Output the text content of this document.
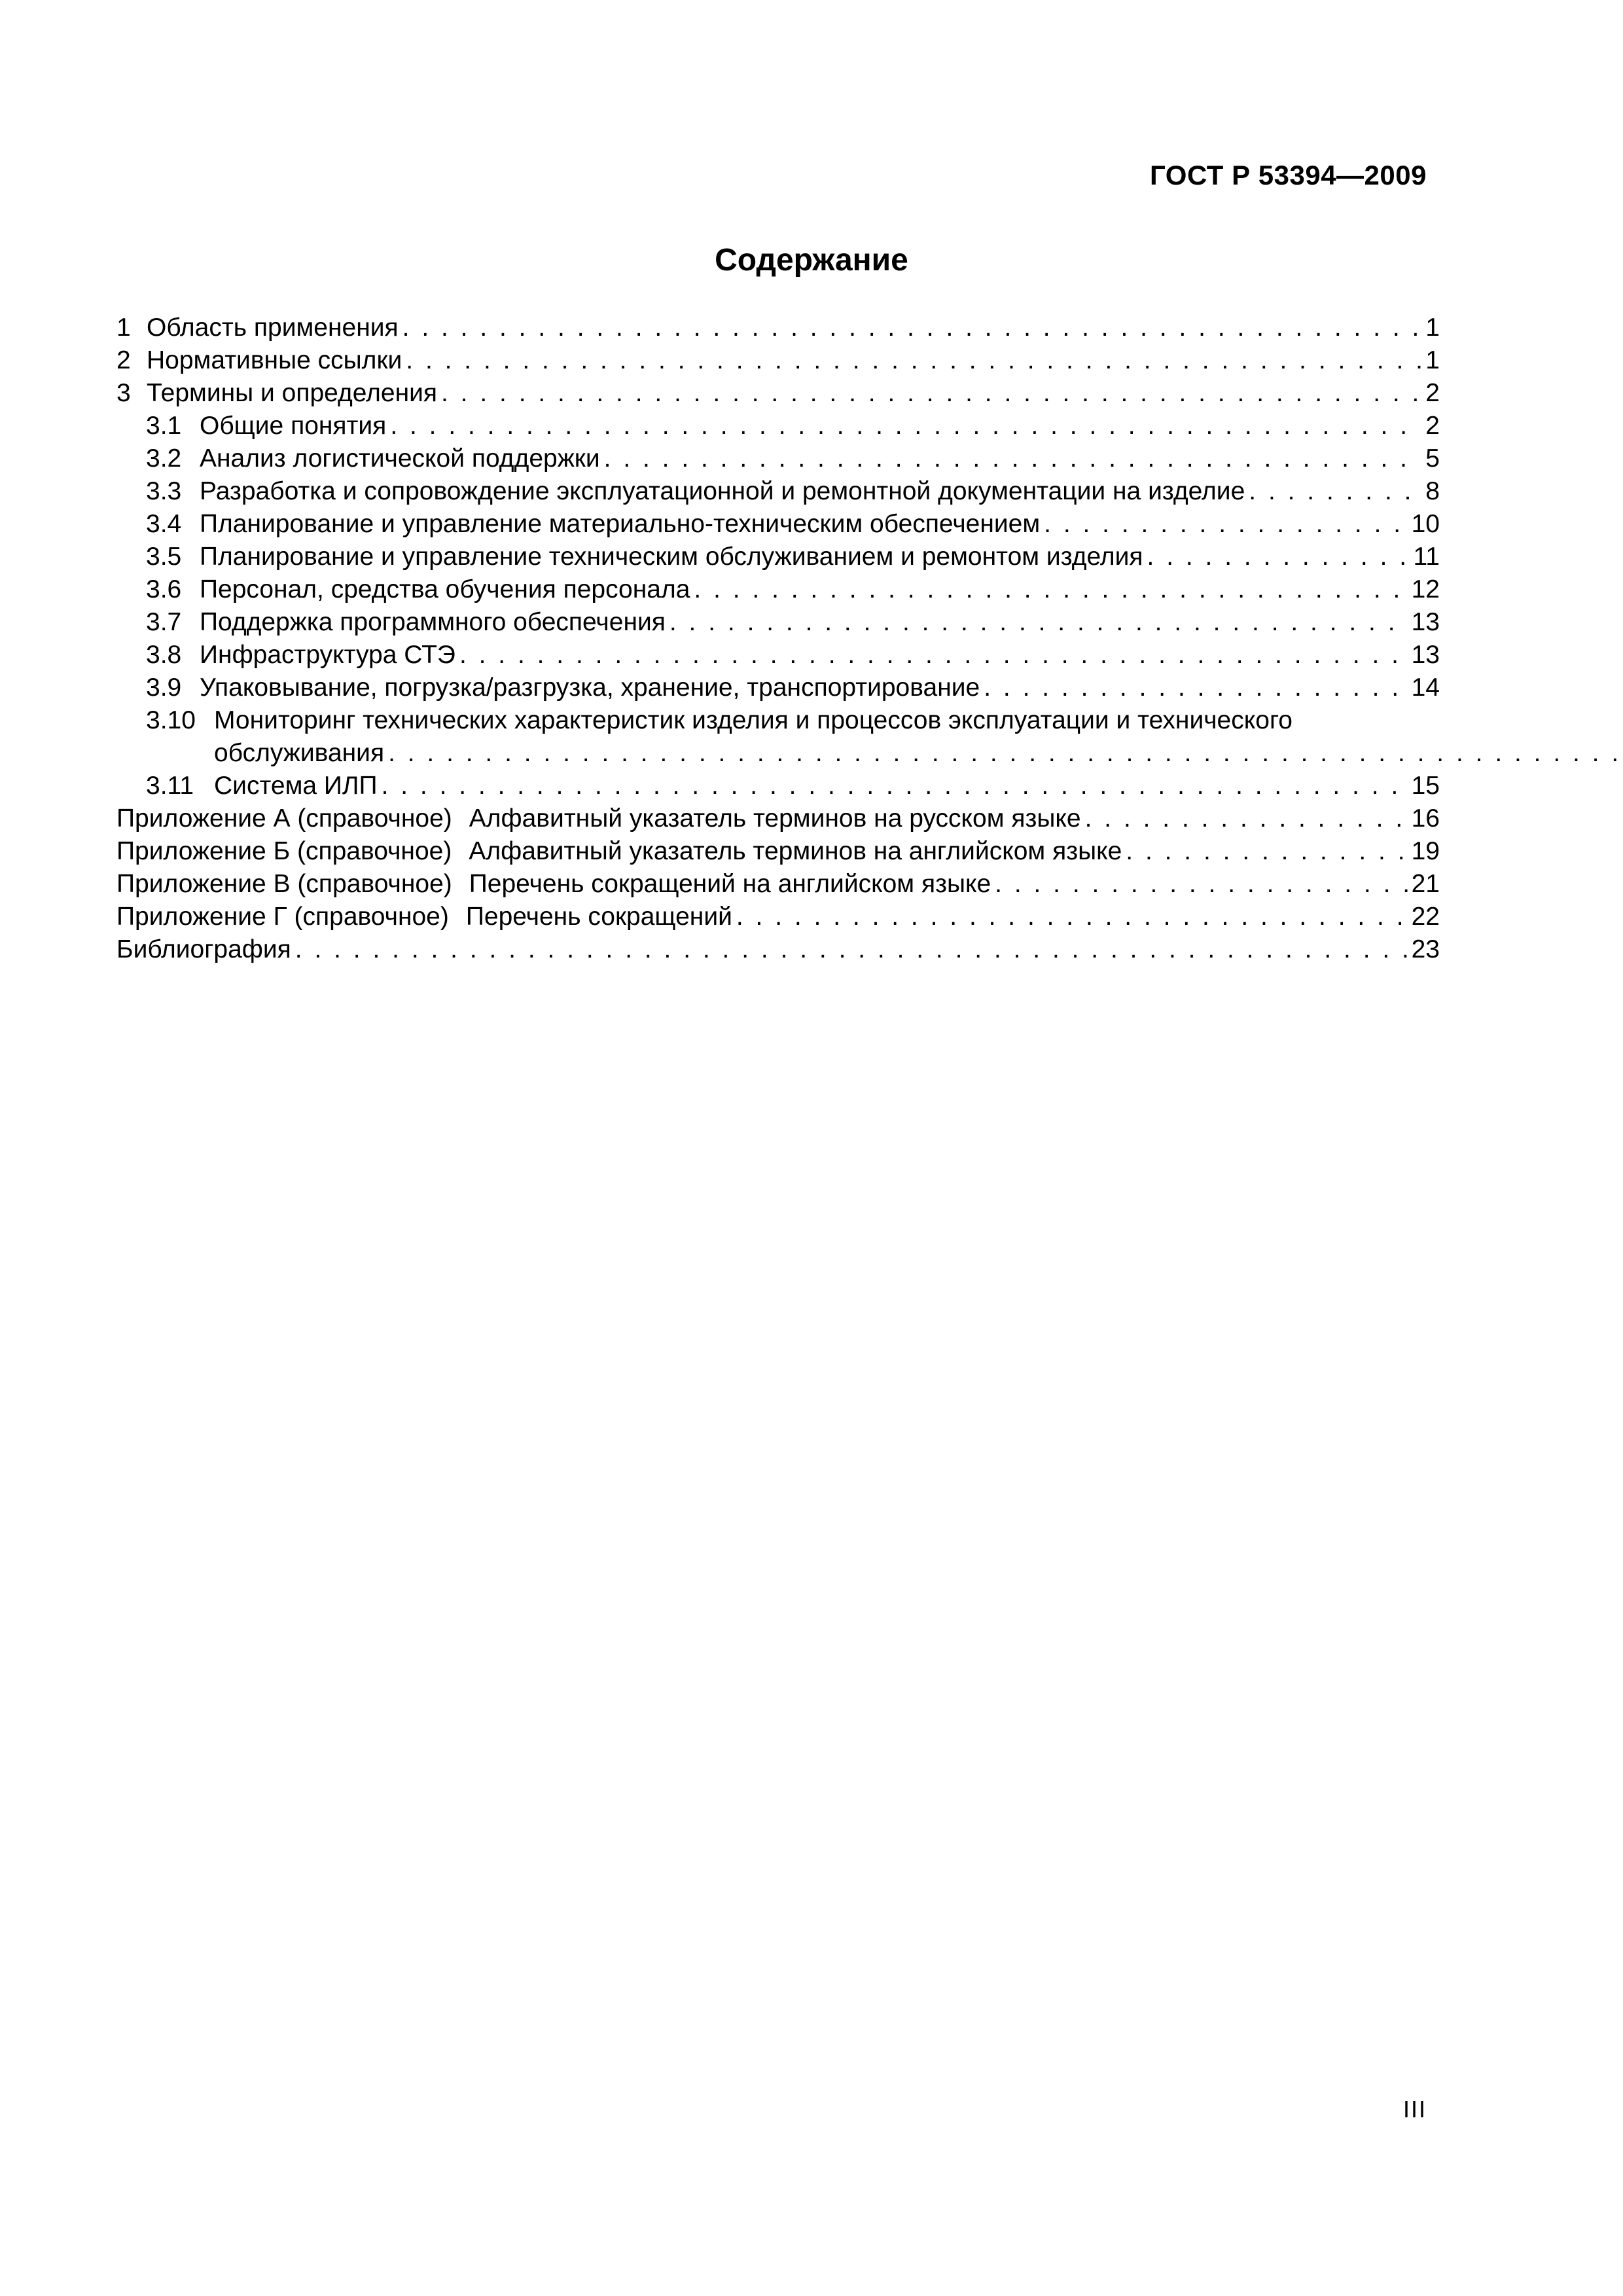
ГОСТ Р 53394—2009
Содержание
1 Область применения . . .	1
2 Нормативные ссылки . . .	1
3 Термины и определения . . .	2
3.1 Общие понятия . . .	2
3.2 Анализ логистической поддержки . . .	5
3.3 Разработка и сопровождение эксплуатационной и ремонтной документации на изделие . . .	8
3.4 Планирование и управление материально-техническим обеспечением . . .	10
3.5 Планирование и управление техническим обслуживанием и ремонтом изделия . . .	11
3.6 Персонал, средства обучения персонала . . .	12
3.7 Поддержка программного обеспечения . . .	13
3.8 Инфраструктура СТЭ . . .	13
3.9 Упаковывание, погрузка/разгрузка, хранение, транспортирование . . .	14
3.10 Мониторинг технических характеристик изделия и процессов эксплуатации и технического
обслуживания
. . .
3.11 Система ИЛП . . .	15
Приложение А (справочное) Алфавитный указатель терминов на русском языке . . .	16
Приложение Б (справочное) Алфавитный указатель терминов на английском языке . . .	19
Приложение В (справочное) Перечень сокращений на английском языке . . .	21
Приложение Г (справочное) Перечень сокращений . . .	22
Библиография . . .	23
III
